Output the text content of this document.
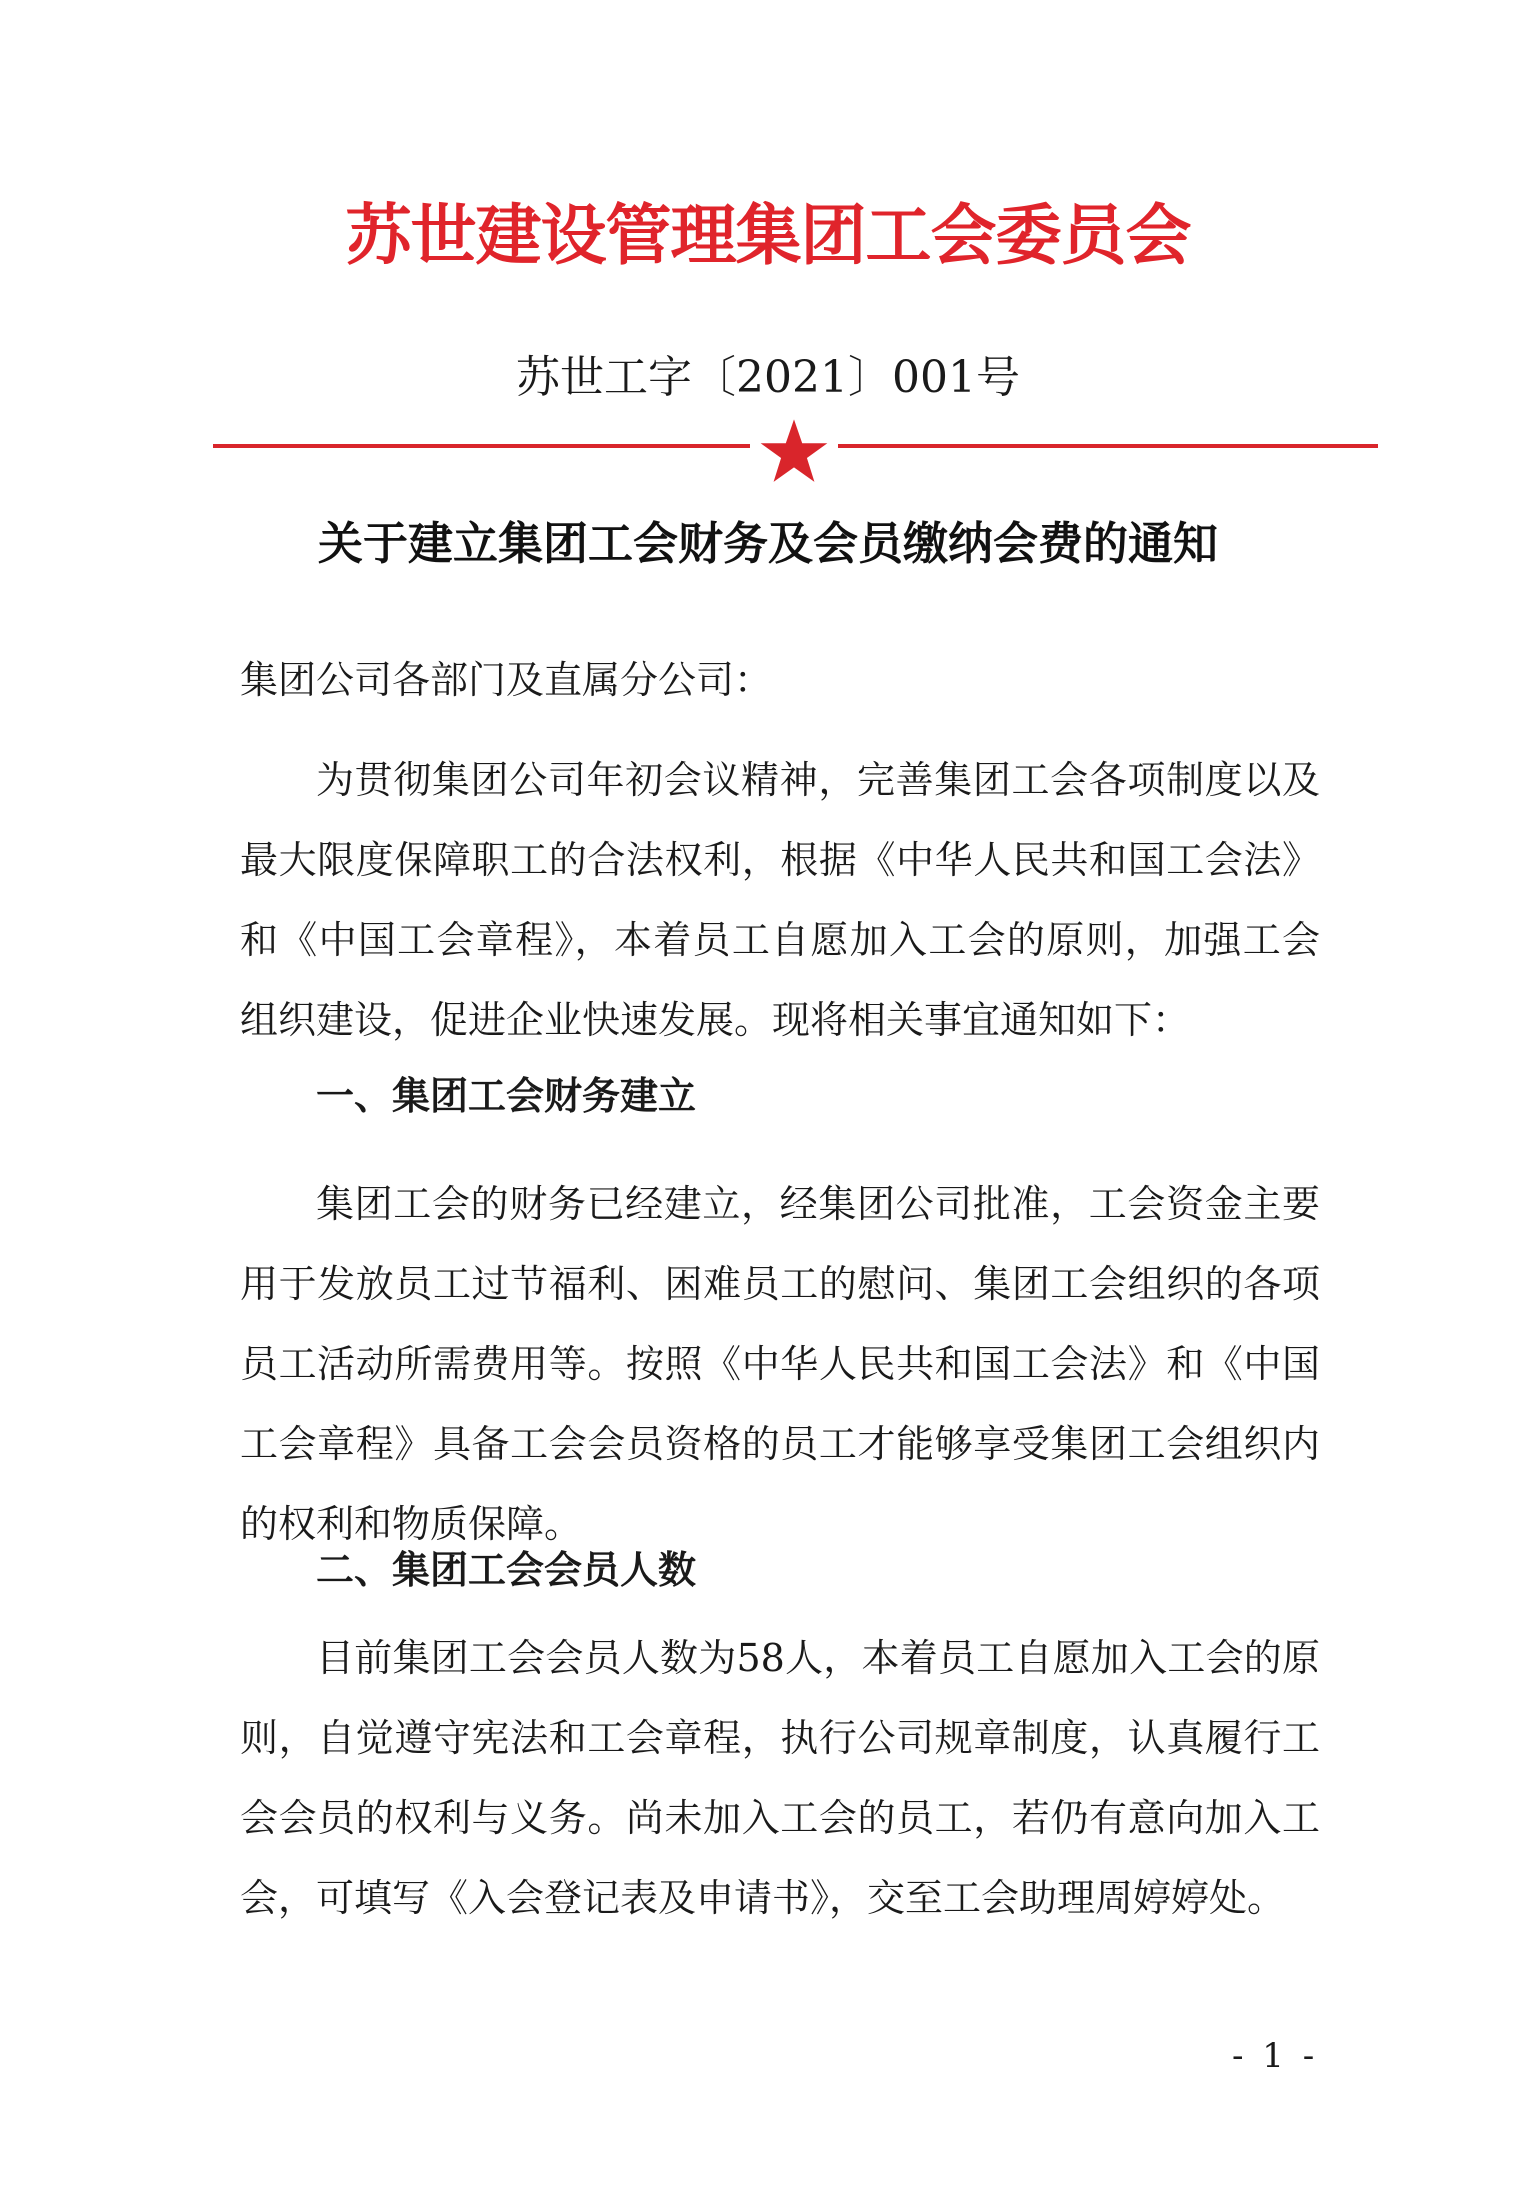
苏世建设管理集团工会委员会
苏世工字〔2021〕001号
关于建立集团工会财务及会员缴纳会费的通知
集团公司各部门及直属分公司：
为贯彻集团公司年初会议精神，完善集团工会各项制度以及最大限度保障职工的合法权利，根据《中华人民共和国工会法》和《中国工会章程》，本着员工自愿加入工会的原则，加强工会组织建设，促进企业快速发展。现将相关事宜通知如下：
一、集团工会财务建立
集团工会的财务已经建立，经集团公司批准，工会资金主要用于发放员工过节福利、困难员工的慰问、集团工会组织的各项员工活动所需费用等。按照《中华人民共和国工会法》和《中国工会章程》具备工会会员资格的员工才能够享受集团工会组织内的权利和物质保障。
二、集团工会会员人数
目前集团工会会员人数为58人，本着员工自愿加入工会的原则，自觉遵守宪法和工会章程，执行公司规章制度，认真履行工会会员的权利与义务。尚未加入工会的员工，若仍有意向加入工会，可填写《入会登记表及申请书》，交至工会助理周婷婷处。
- 1 -
